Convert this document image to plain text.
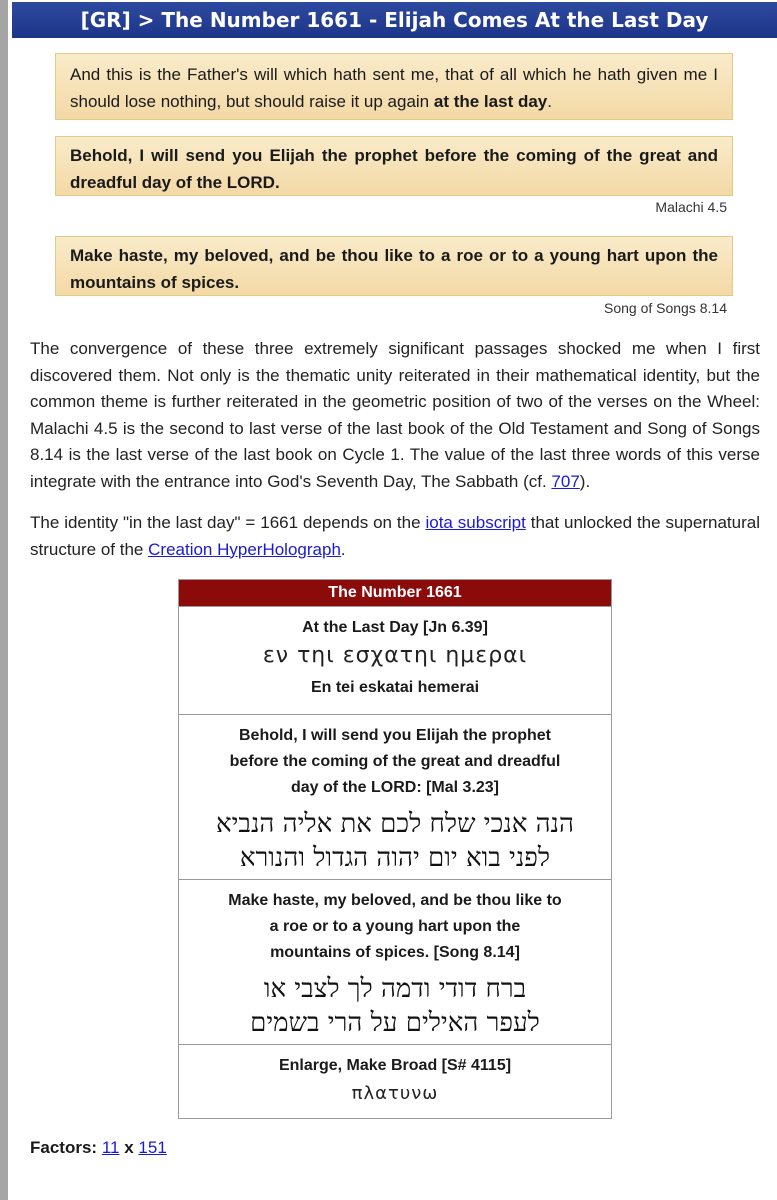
[GR] > The Number 1661 - Elijah Comes At the Last Day
And this is the Father's will which hath sent me, that of all which he hath given me I should lose nothing, but should raise it up again at the last day.
Behold, I will send you Elijah the prophet before the coming of the great and dreadful day of the LORD.
Malachi 4.5
Make haste, my beloved, and be thou like to a roe or to a young hart upon the mountains of spices.
Song of Songs 8.14
The convergence of these three extremely significant passages shocked me when I first discovered them. Not only is the thematic unity reiterated in their mathematical identity, but the common theme is further reiterated in the geometric position of two of the verses on the Wheel: Malachi 4.5 is the second to last verse of the last book of the Old Testament and Song of Songs 8.14 is the last verse of the last book on Cycle 1. The value of the last three words of this verse integrate with the entrance into God's Seventh Day, The Sabbath (cf. 707).
The identity "in the last day" = 1661 depends on the iota subscript that unlocked the supernatural structure of the Creation HyperHolograph.
The Number 1661
At the Last Day [Jn 6.39]
εν τηι εσχατηι ημεραι
En tei eskatai hemerai
Behold, I will send you Elijah the prophet
before the coming of the great and dreadful
day of the LORD: [Mal 3.23]
הנה אנכי שלח לכם את אליה הנביא
לפני בוא יום יהוה הגדול והנורא
Make haste, my beloved, and be thou like to
a roe or to a young hart upon the
mountains of spices. [Song 8.14]
ברח דודי ודמה לך לצבי או
לעפר האילים על הרי בשמים
Enlarge, Make Broad [S# 4115]
πλατυνω
Factors: 11 x 151
